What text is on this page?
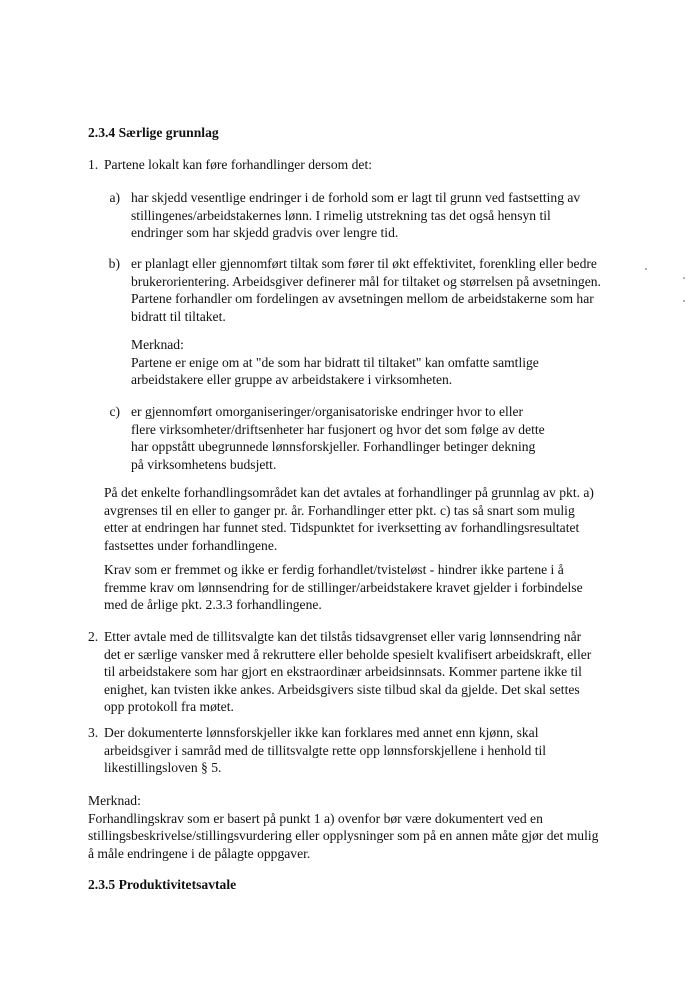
2.3.4 Særlige grunnlag
1. Partene lokalt kan føre forhandlinger dersom det:
a) har skjedd vesentlige endringer i de forhold som er lagt til grunn ved fastsetting av
stillingenes/arbeidstakernes lønn. I rimelig utstrekning tas det også hensyn til
endringer som har skjedd gradvis over lengre tid.
b) er planlagt eller gjennomført tiltak som fører til økt effektivitet, forenkling eller bedre
brukerorientering. Arbeidsgiver definerer mål for tiltaket og størrelsen på avsetningen.
Partene forhandler om fordelingen av avsetningen mellom de arbeidstakerne som har
bidratt til tiltaket.
Merknad:
Partene er enige om at "de som har bidratt til tiltaket" kan omfatte samtlige
arbeidstakere eller gruppe av arbeidstakere i virksomheten.
c) er gjennomført omorganiseringer/organisatoriske endringer hvor to eller
flere virksomheter/driftsenheter har fusjonert og hvor det som følge av dette
har oppstått ubegrunnede lønnsforskjeller. Forhandlinger betinger dekning
på virksomhetens budsjett.
På det enkelte forhandlingsområdet kan det avtales at forhandlinger på grunnlag av pkt. a)
avgrenses til en eller to ganger pr. år. Forhandlinger etter pkt. c) tas så snart som mulig
etter at endringen har funnet sted. Tidspunktet for iverksetting av forhandlingsresultatet
fastsettes under forhandlingene.
Krav som er fremmet og ikke er ferdig forhandlet/tvisteløst - hindrer ikke partene i å
fremme krav om lønnsendring for de stillinger/arbeidstakere kravet gjelder i forbindelse
med de årlige pkt. 2.3.3 forhandlingene.
2. Etter avtale med de tillitsvalgte kan det tilstås tidsavgrenset eller varig lønnsendring når
det er særlige vansker med å rekruttere eller beholde spesielt kvalifisert arbeidskraft, eller
til arbeidstakere som har gjort en ekstraordinær arbeidsinnsats. Kommer partene ikke til
enighet, kan tvisten ikke ankes. Arbeidsgivers siste tilbud skal da gjelde. Det skal settes
opp protokoll fra møtet.
3. Der dokumenterte lønnsforskjeller ikke kan forklares med annet enn kjønn, skal
arbeidsgiver i samråd med de tillitsvalgte rette opp lønnsforskjellene i henhold til
likestillingsloven § 5.
Merknad:
Forhandlingskrav som er basert på punkt 1 a) ovenfor bør være dokumentert ved en
stillingsbeskrivelse/stillingsvurdering eller opplysninger som på en annen måte gjør det mulig
å måle endringene i de pålagte oppgaver.
2.3.5 Produktivitetsavtale
